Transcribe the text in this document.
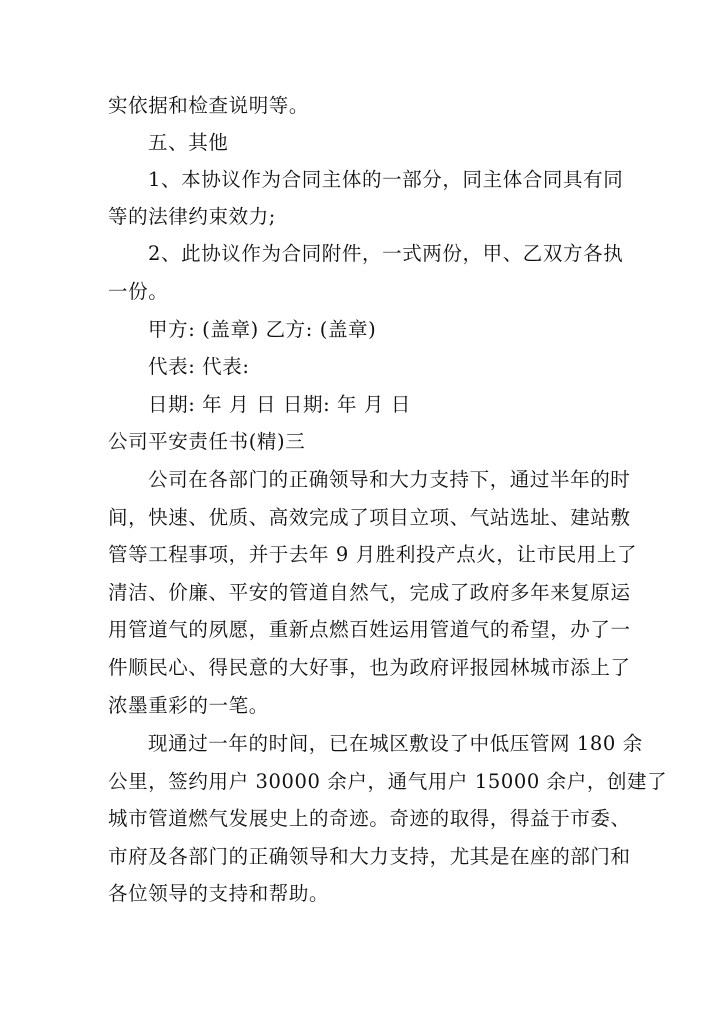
实依据和检查说明等。
五、其他
1、本协议作为合同主体的一部分，同主体合同具有同
等的法律约束效力;
2、此协议作为合同附件，一式两份，甲、乙双方各执
一份。
甲方: (盖章) 乙方: (盖章)
代表: 代表:
日期: 年 月 日 日期: 年 月 日
公司平安责任书(精)三
公司在各部门的正确领导和大力支持下，通过半年的时
间，快速、优质、高效完成了项目立项、气站选址、建站敷
管等工程事项，并于去年 9 月胜利投产点火，让市民用上了
清洁、价廉、平安的管道自然气，完成了政府多年来复原运
用管道气的夙愿，重新点燃百姓运用管道气的希望，办了一
件顺民心、得民意的大好事，也为政府评报园林城市添上了
浓墨重彩的一笔。
现通过一年的时间，已在城区敷设了中低压管网 180 余
公里，签约用户 30000 余户，通气用户 15000 余户，创建了
城市管道燃气发展史上的奇迹。奇迹的取得，得益于市委、
市府及各部门的正确领导和大力支持，尤其是在座的部门和
各位领导的支持和帮助。
